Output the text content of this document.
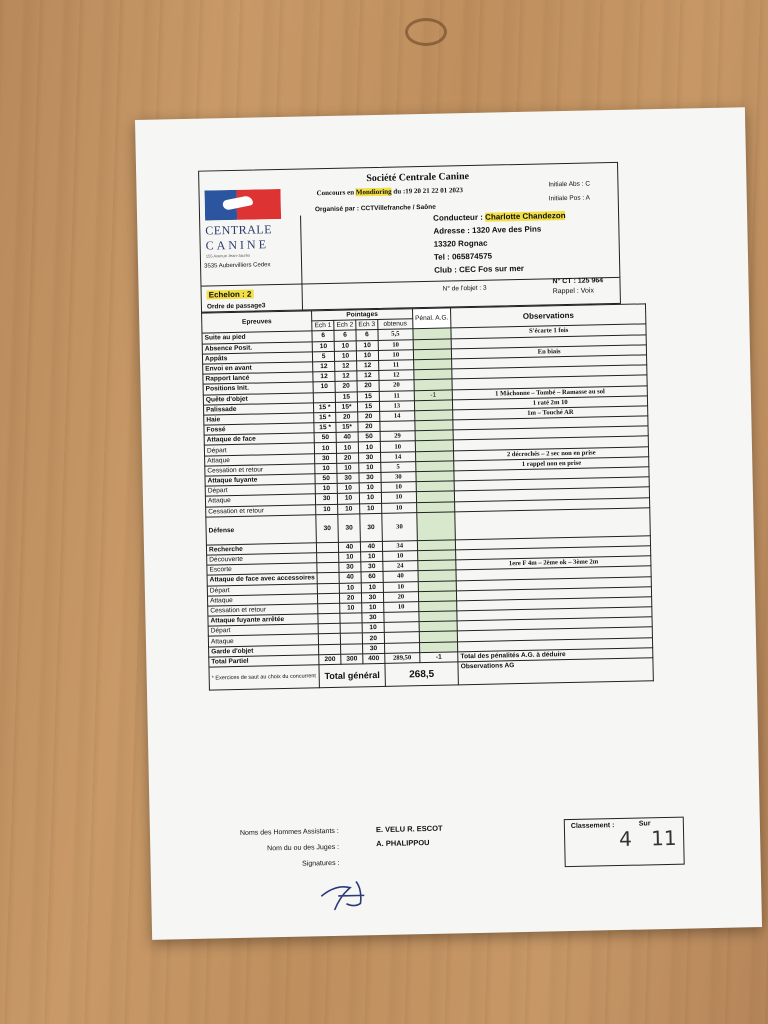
CENTRALE
CANINE
155 Avenue Jean-Jaurès
3535 Aubervilliers Cedex
Société Centrale Canine
Concours en Mondioring du :19 20 21 22 01 2023
Organisé par : CCTVillefranche / Saône
Initiale Abs : C
Initiale Pos : A
Conducteur : Charlotte Chandezon
Adresse : 1320 Ave des Pins
13320 Rognac
Tel : 065874575
Club : CEC Fos sur mer
Echelon : 2
Ordre de passage3
N° de l'objet : 3
N° CT : 125 964
Rappel : Voix
Epreuves	Pointages				Pénal. A.G.	Observations
	Ech 1	Ech 2	Ech 3	obtenus		
Suite au pied	6	6	6	5,5		S'écarte 1 fois
Absence Posit.	10	10	10	10		
Appâts	5	10	10	10		En biais
Envoi en avant	12	12	12	11		
Rapport lancé	12	12	12	12		
Positions Init.	10	20	20	20		
Quête d'objet		15	15	11	-1	1 Mâchonne – Tombé – Ramasse au sol
Palissade	15 *	15*	15	13		1 raté 2m 10
Haie	15 *	20	20	14		1m – Touché AR
Fossé	15 *	15*	20			
Attaque de face	50	40	50	29		
Départ	10	10	10	10		
Attaque	30	20	30	14		2 décrochés – 2 sec non en prise
Cessation et retour	10	10	10	5		1 rappel non en prise
Attaque fuyante	50	30	30	30		
Départ	10	10	10	10		
Attaque	30	10	10	10		
Cessation et retour	10	10	10	10		
Défense	30	30	30	30		
Recherche		40	40	34		
Découverte		10	10	10		
Escorte		30	30	24		1ere F 4m – 2ème ok – 3ème 2m
Attaque de face avec accessoires		40	60	40		
Départ		10	10	10		
Attaque		20	30	20		
Cessation et retour		10	10	10		
Attaque fuyante arrêtée			30			
Départ			10			
Attaque			20			
Garde d'objet			30			
Total Partiel	200	300	400	289,50	-1	Total des pénalités A.G. à déduire
* Exercices de saut au choix du concurrent	Total général			268,5		Observations AG
Noms des Hommes Assistants :
Nom du ou des Juges :
Signatures :
E. VELU R. ESCOT
A. PHALIPPOU
Classement :	Sur
4 11
